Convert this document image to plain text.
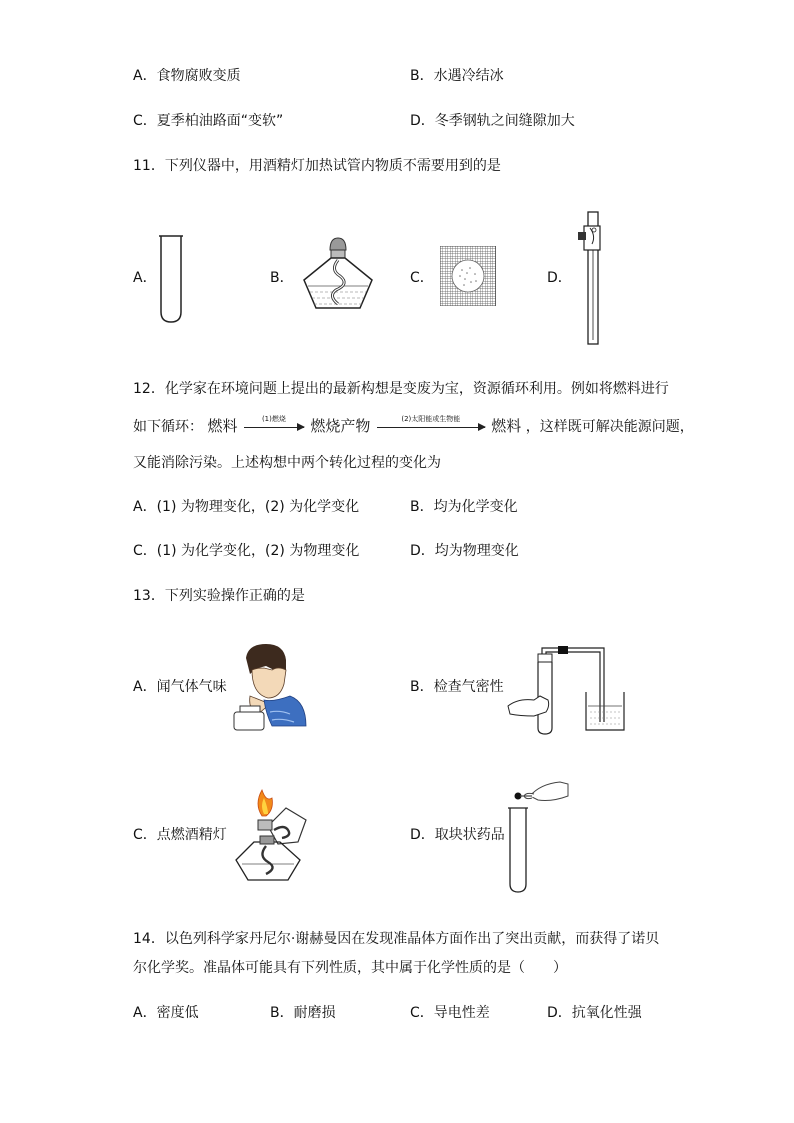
A．食物腐败变质	B．水遇冷结冰
C．夏季柏油路面“变软”	D．冬季钢轨之间缝隙加大
11．下列仪器中，用酒精灯加热试管内物质不需要用到的是
A．	B．	C．	D．
12．化学家在环境问题上提出的最新构想是变废为宝，资源循环利用。例如将燃料进行
如下循环： 燃料	(1)燃烧	燃烧产物	(2)太阳能或生物能	燃料 ，这样既可解决能源问题，
又能消除污染。上述构想中两个转化过程的变化为
A．(1) 为物理变化，(2) 为化学变化	B．均为化学变化
C．(1) 为化学变化，(2) 为物理变化	D．均为物理变化
13．下列实验操作正确的是
A．闻气体气味	B．检查气密性
C．点燃酒精灯	D．取块状药品
14．以色列科学家丹尼尔·谢赫曼因在发现准晶体方面作出了突出贡献，而获得了诺贝
尔化学奖。准晶体可能具有下列性质，其中属于化学性质的是（　　）
A．密度低	B．耐磨损	C．导电性差	D．抗氧化性强
